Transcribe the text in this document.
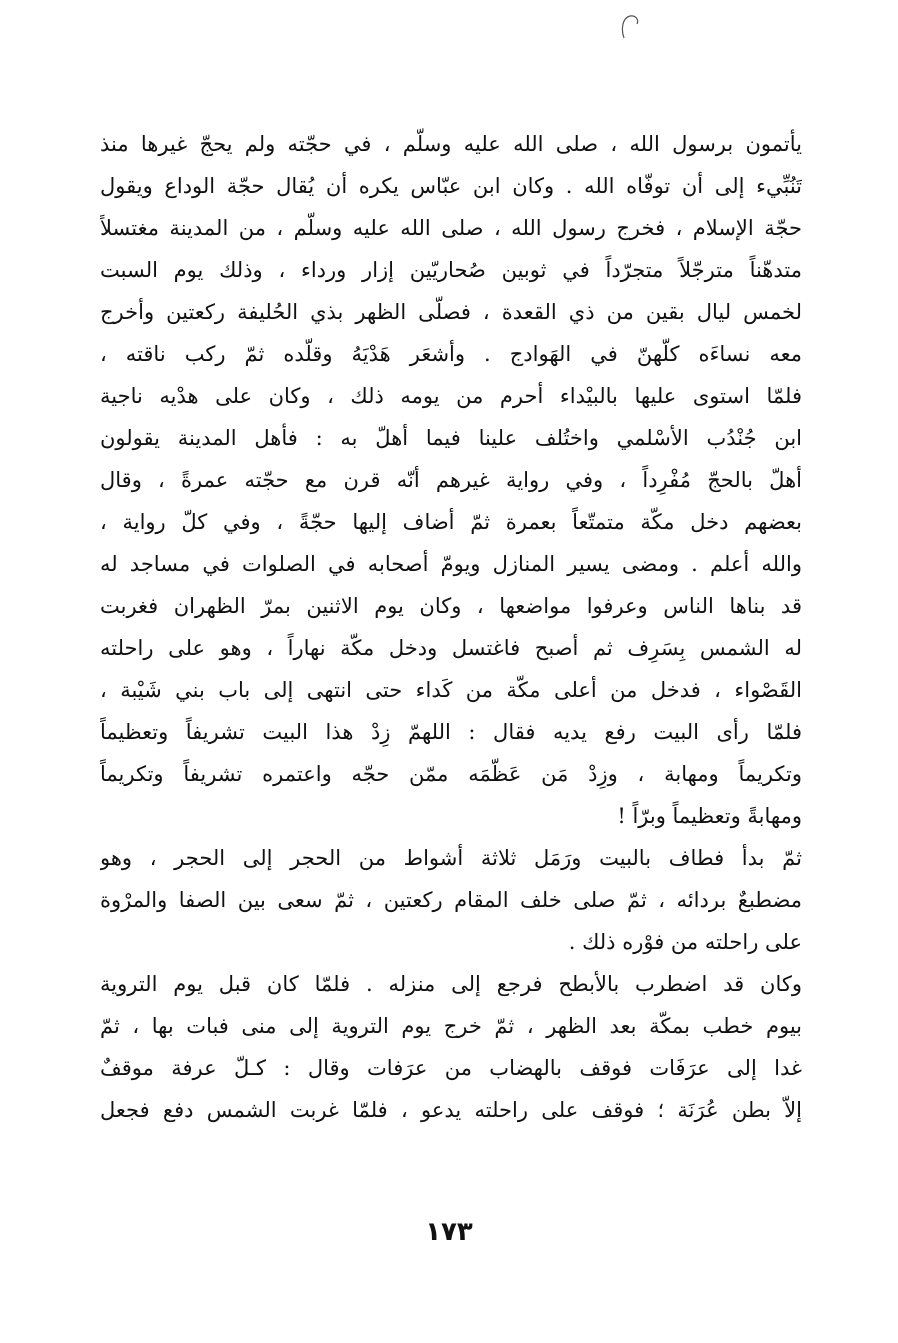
يأتمون برسول الله ، صلى الله عليه وسلّم ، في حجّته ولم يحجّ غيرها منذ
تَنُبِّيء إلى أن توفّاه الله . وكان ابن عبّاس يكره أن يُقال حجّة الوداع ويقول
حجّة الإسلام ، فخرج رسول الله ، صلى الله عليه وسلّم ، من المدينة مغتسلاً
متدهّناً مترجّلاً متجرّداً في ثوبين صُحاريّين إزار ورداء ، وذلك يوم السبت
لخمس ليال بقين من ذي القعدة ، فصلّى الظهر بذي الحُليفة ركعتين وأخرج
معه نساءَه كلّهنّ في الهَوادج . وأشعَر هَدْيَهُ وقلّده ثمّ ركب ناقته ،
فلمّا استوى عليها بالبيْداء أحرم من يومه ذلك ، وكان على هدْيه ناجية
ابن جُنْدُب الأسْلمي واختُلف علينا فيما أهلّ به : فأهل المدينة يقولون
أهلّ بالحجّ مُفْرِداً ، وفي رواية غيرهم أنّه قرن مع حجّته عمرةً ، وقال
بعضهم دخل مكّة متمتّعاً بعمرة ثمّ أضاف إليها حجّةً ، وفي كلّ رواية ،
والله أعلم . ومضى يسير المنازل ويومّ أصحابه في الصلوات في مساجد له
قد بناها الناس وعرفوا مواضعها ، وكان يوم الاثنين بمرّ الظهران فغربت
له الشمس بِسَرِف ثم أصبح فاغتسل ودخل مكّة نهاراً ، وهو على راحلته
القَصْواء ، فدخل من أعلى مكّة من كَداء حتى انتهى إلى باب بني شَيْبة ،
فلمّا رأى البيت رفع يديه فقال : اللهمّ زِدْ هذا البيت تشريفاً وتعظيماً
وتكريماً ومهابة ، وزِدْ مَن عَظّمَه ممّن حجّه واعتمره تشريفاً وتكريماً
ومهابةً وتعظيماً وبرّاً !
ثمّ بدأ فطاف بالبيت ورَمَل ثلاثة أشواط من الحجر إلى الحجر ، وهو
مضطبعٌ بردائه ، ثمّ صلى خلف المقام ركعتين ، ثمّ سعى بين الصفا والمرْوة
على راحلته من فوْره ذلك .
وكان قد اضطرب بالأبطح فرجع إلى منزله . فلمّا كان قبل يوم التروية
بيوم خطب بمكّة بعد الظهر ، ثمّ خرج يوم التروية إلى منى فبات بها ، ثمّ
غدا إلى عرَفَات فوقف بالهضاب من عرَفات وقال : كـلّ عرفة موقفٌ
إلاّ بطن عُرَنَة ؛ فوقف على راحلته يدعو ، فلمّا غربت الشمس دفع فجعل
١٧٣
